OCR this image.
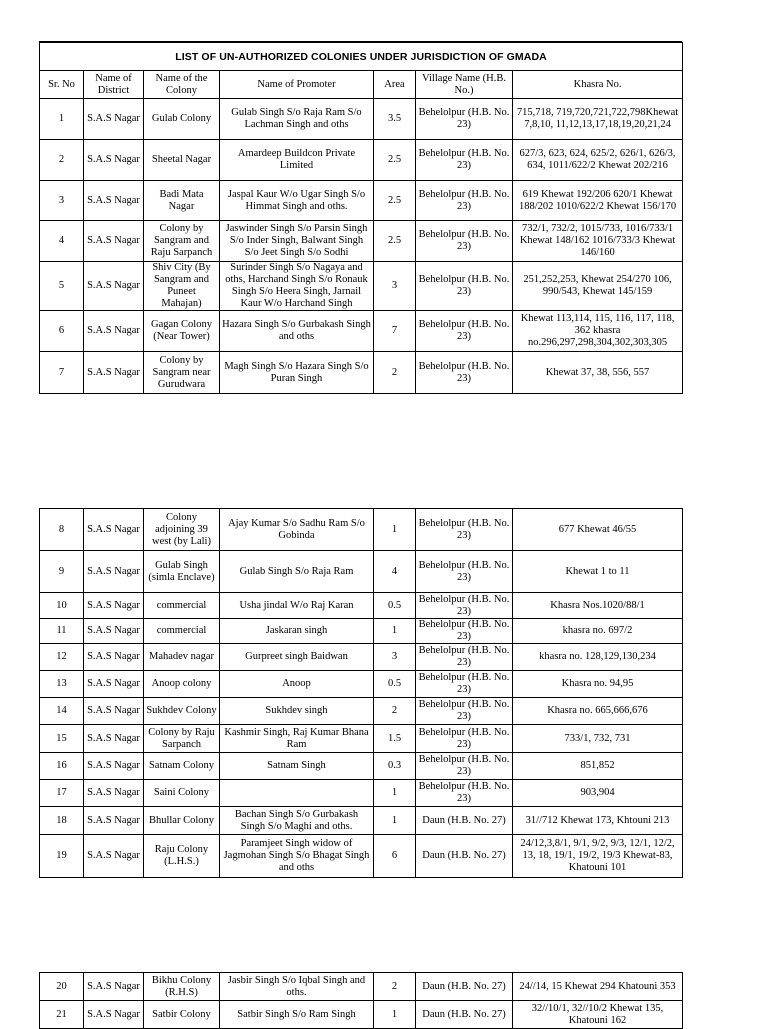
LIST OF UN-AUTHORIZED COLONIES UNDER JURISDICTION OF GMADA						
Sr. No	Name of District	Name of the Colony	Name of Promoter	Area	Village Name (H.B. No.)	Khasra No.
1	S.A.S Nagar	Gulab Colony	Gulab Singh S/o Raja Ram S/o Lachman Singh and oths	3.5	Behelolpur (H.B. No. 23)	715,718, 719,720,721,722,798Khewat 7,8,10, 11,12,13,17,18,19,20,21,24
2	S.A.S Nagar	Sheetal Nagar	Amardeep Buildcon Private Limited	2.5	Behelolpur (H.B. No. 23)	627/3, 623, 624, 625/2, 626/1, 626/3, 634, 1011/622/2 Khewat 202/216
3	S.A.S Nagar	Badi Mata Nagar	Jaspal Kaur W/o Ugar Singh S/o Himmat Singh and oths.	2.5	Behelolpur (H.B. No. 23)	619 Khewat 192/206 620/1 Khewat 188/202 1010/622/2 Khewat 156/170
4	S.A.S Nagar	Colony by Sangram and Raju Sarpanch	Jaswinder Singh S/o Parsin Singh S/o Inder Singh, Balwant Singh S/o Jeet Singh S/o Sodhi	2.5	Behelolpur (H.B. No. 23)	732/1, 732/2, 1015/733, 1016/733/1 Khewat 148/162 1016/733/3 Khewat 146/160
5	S.A.S Nagar	Shiv City (By Sangram and Puneet Mahajan)	Surinder Singh S/o Nagaya and oths, Harchand Singh S/o Ronauk Singh S/o Heera Singh, Jarnail Kaur W/o Harchand Singh	3	Behelolpur (H.B. No. 23)	251,252,253, Khewat 254/270 106, 990/543, Khewat 145/159
6	S.A.S Nagar	Gagan Colony (Near Tower)	Hazara Singh S/o Gurbakash Singh and oths	7	Behelolpur (H.B. No. 23)	Khewat 113,114, 115, 116, 117, 118, 362 khasra no.296,297,298,304,302,303,305
7	S.A.S Nagar	Colony by Sangram near Gurudwara	Magh Singh S/o Hazara Singh S/o Puran Singh	2	Behelolpur (H.B. No. 23)	Khewat 37, 38, 556, 557
8	S.A.S Nagar	Colony adjoining 39 west (by Lali)	Ajay Kumar S/o Sadhu Ram S/o Gobinda	1	Behelolpur (H.B. No. 23)	677 Khewat 46/55
9	S.A.S Nagar	Gulab Singh (simla Enclave)	Gulab Singh S/o Raja Ram	4	Behelolpur (H.B. No. 23)	Khewat 1 to 11
10	S.A.S Nagar	commercial	Usha jindal W/o Raj Karan	0.5	Behelolpur (H.B. No. 23)	Khasra Nos.1020/88/1
11	S.A.S Nagar	commercial	Jaskaran singh	1	Behelolpur (H.B. No. 23)	khasra no. 697/2
12	S.A.S Nagar	Mahadev nagar	Gurpreet singh Baidwan	3	Behelolpur (H.B. No. 23)	khasra no. 128,129,130,234
13	S.A.S Nagar	Anoop colony	Anoop	0.5	Behelolpur (H.B. No. 23)	Khasra no. 94,95
14	S.A.S Nagar	Sukhdev Colony	Sukhdev singh	2	Behelolpur (H.B. No. 23)	Khasra no. 665,666,676
15	S.A.S Nagar	Colony by Raju Sarpanch	Kashmir Singh, Raj Kumar Bhana Ram	1.5	Behelolpur (H.B. No. 23)	733/1, 732, 731
16	S.A.S Nagar	Satnam Colony	Satnam Singh	0.3	Behelolpur (H.B. No. 23)	851,852
17	S.A.S Nagar	Saini Colony		1	Behelolpur (H.B. No. 23)	903,904
18	S.A.S Nagar	Bhullar Colony	Bachan Singh S/o Gurbakash Singh S/o Maghi and oths.	1	Daun (H.B. No. 27)	31//712 Khewat 173, Khtouni 213
19	S.A.S Nagar	Raju Colony (L.H.S.)	Paramjeet Singh widow of Jagmohan Singh S/o Bhagat Singh and oths	6	Daun (H.B. No. 27)	24/12,3,8/1, 9/1, 9/2, 9/3, 12/1, 12/2, 13, 18, 19/1, 19/2, 19/3 Khewat-83, Khatouni 101
20	S.A.S Nagar	Bikhu Colony (R.H.S)	Jasbir Singh S/o Iqbal Singh and oths.	2	Daun (H.B. No. 27)	24//14, 15 Khewat 294 Khatouni 353
21	S.A.S Nagar	Satbir Colony	Satbir Singh S/o Ram Singh	1	Daun (H.B. No. 27)	32//10/1, 32//10/2 Khewat 135, Khatouni 162
